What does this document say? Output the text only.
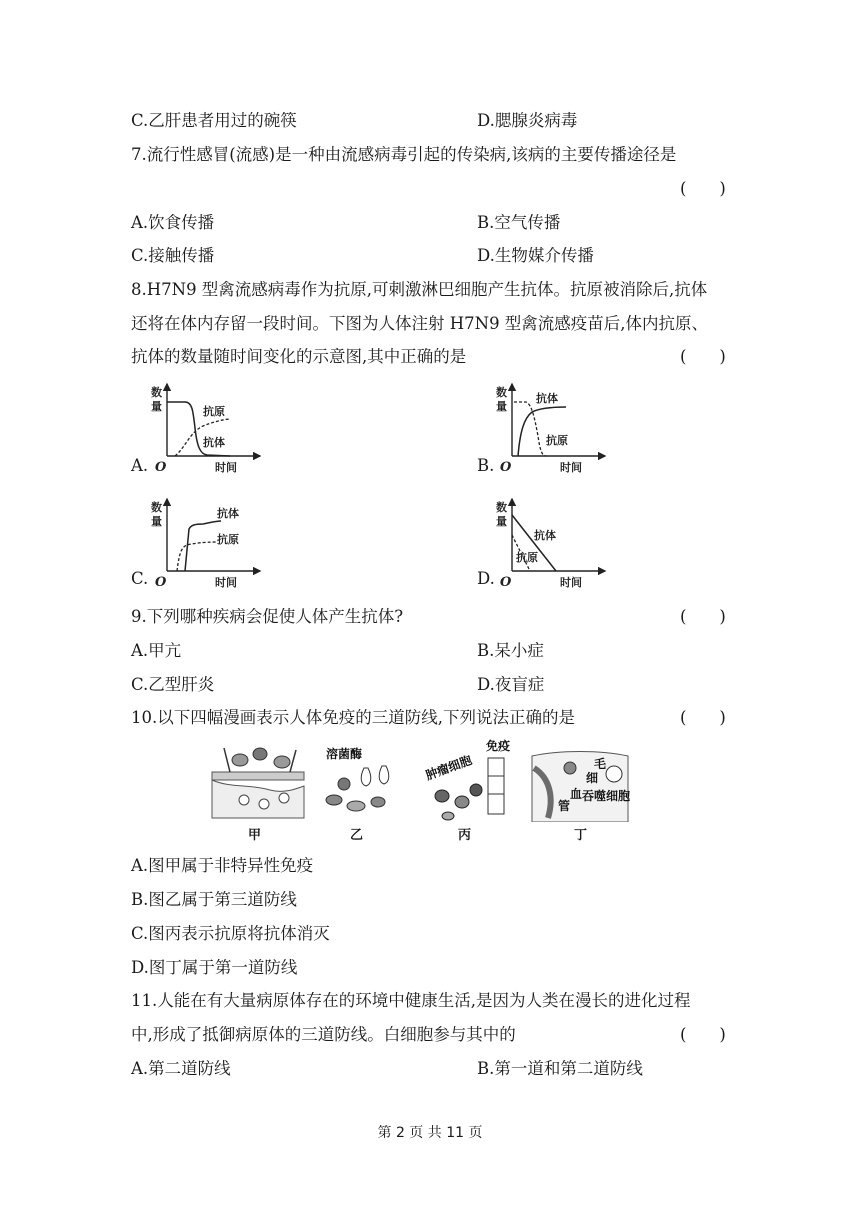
C.乙肝患者用过的碗筷	D.腮腺炎病毒
7.流行性感冒(流感)是一种由流感病毒引起的传染病,该病的主要传播途径是
(　　)
A.饮食传播	B.空气传播
C.接触传播	D.生物媒介传播
8.H7N9 型禽流感病毒作为抗原,可刺激淋巴细胞产生抗体。抗原被消除后,抗体
还将在体内存留一段时间。下图为人体注射 H7N9 型禽流感疫苗后,体内抗原、
抗体的数量随时间变化的示意图,其中正确的是	(　　)
A.	B.
C.	D.
数
量
O	时间
抗原
抗体
数
量
O	时间
抗体
抗原
数
量
O	时间
抗体
抗原
数
量
O	时间
抗体
抗原
9.下列哪种疾病会促使人体产生抗体?	(　　)
A.甲亢	B.呆小症
C.乙型肝炎	D.夜盲症
10.以下四幅漫画表示人体免疫的三道防线,下列说法正确的是	(　　)
甲
溶菌酶
乙
免疫
肿瘤细胞
丙
毛
细
血
管
吞噬细胞
丁
A.图甲属于非特异性免疫
B.图乙属于第三道防线
C.图丙表示抗原将抗体消灭
D.图丁属于第一道防线
11.人能在有大量病原体存在的环境中健康生活,是因为人类在漫长的进化过程
中,形成了抵御病原体的三道防线。白细胞参与其中的	(　　)
A.第二道防线	B.第一道和第二道防线
第 2 页 共 11 页
